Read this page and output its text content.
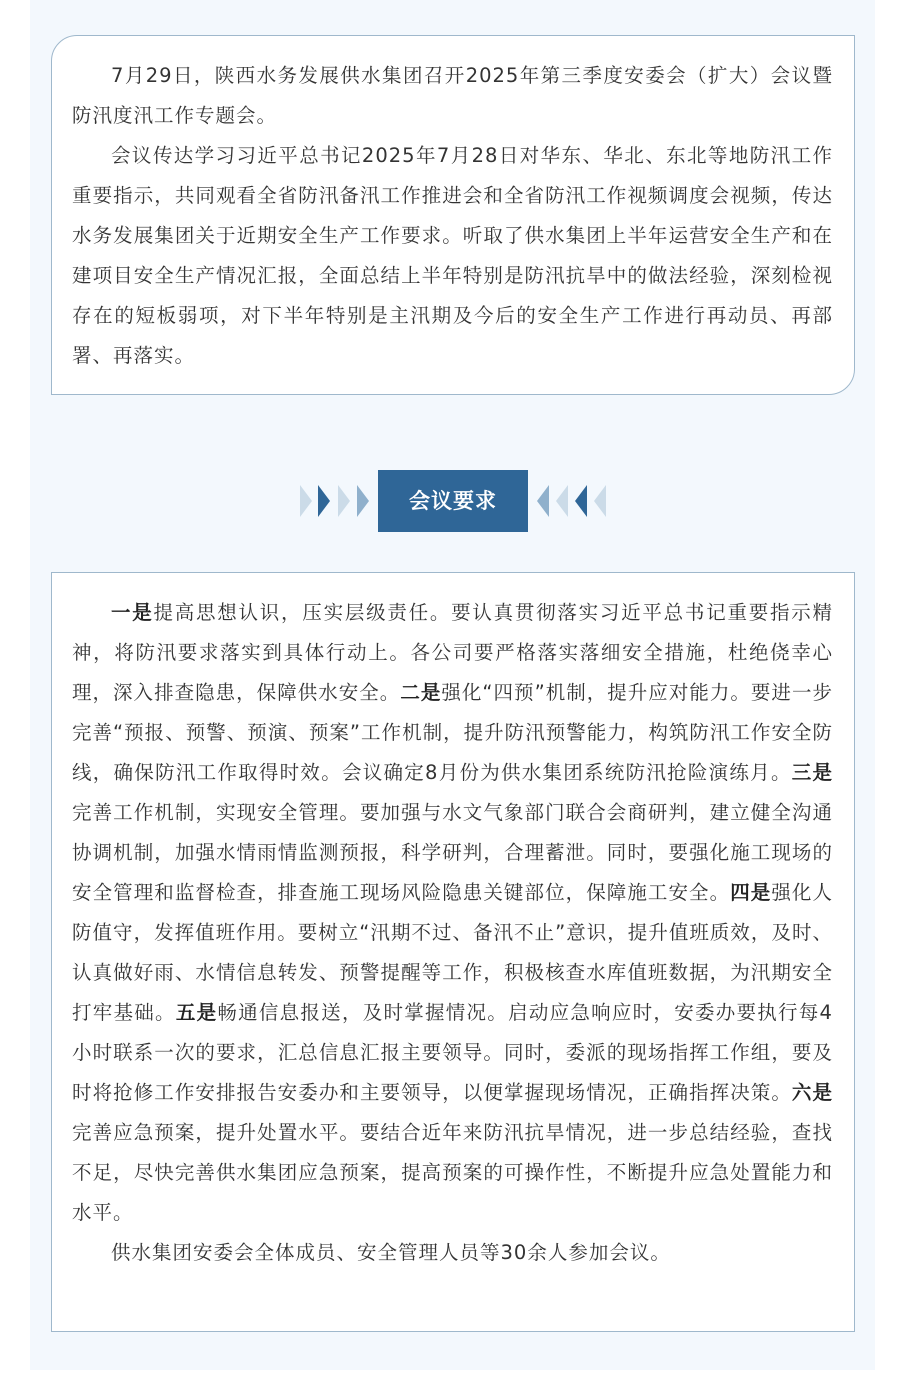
7月29日，陕西水务发展供水集团召开2025年第三季度安委会（扩大）会议暨防汛度汛工作专题会。

会议传达学习习近平总书记2025年7月28日对华东、华北、东北等地防汛工作重要指示，共同观看全省防汛备汛工作推进会和全省防汛工作视频调度会视频，传达水务发展集团关于近期安全生产工作要求。听取了供水集团上半年运营安全生产和在建项目安全生产情况汇报，全面总结上半年特别是防汛抗旱中的做法经验，深刻检视存在的短板弱项，对下半年特别是主汛期及今后的安全生产工作进行再动员、再部署、再落实。

会议要求

一是提高思想认识，压实层级责任。要认真贯彻落实习近平总书记重要指示精神，将防汛要求落实到具体行动上。各公司要严格落实落细安全措施，杜绝侥幸心理，深入排查隐患，保障供水安全。二是强化“四预”机制，提升应对能力。要进一步完善“预报、预警、预演、预案”工作机制，提升防汛预警能力，构筑防汛工作安全防线，确保防汛工作取得时效。会议确定8月份为供水集团系统防汛抢险演练月。三是完善工作机制，实现安全管理。要加强与水文气象部门联合会商研判，建立健全沟通协调机制，加强水情雨情监测预报，科学研判，合理蓄泄。同时，要强化施工现场的安全管理和监督检查，排查施工现场风险隐患关键部位，保障施工安全。四是强化人防值守，发挥值班作用。要树立“汛期不过、备汛不止”意识，提升值班质效，及时、认真做好雨、水情信息转发、预警提醒等工作，积极核查水库值班数据，为汛期安全打牢基础。五是畅通信息报送，及时掌握情况。启动应急响应时，安委办要执行每4小时联系一次的要求，汇总信息汇报主要领导。同时，委派的现场指挥工作组，要及时将抢修工作安排报告安委办和主要领导，以便掌握现场情况，正确指挥决策。六是完善应急预案，提升处置水平。要结合近年来防汛抗旱情况，进一步总结经验，查找不足，尽快完善供水集团应急预案，提高预案的可操作性，不断提升应急处置能力和水平。

供水集团安委会全体成员、安全管理人员等30余人参加会议。
